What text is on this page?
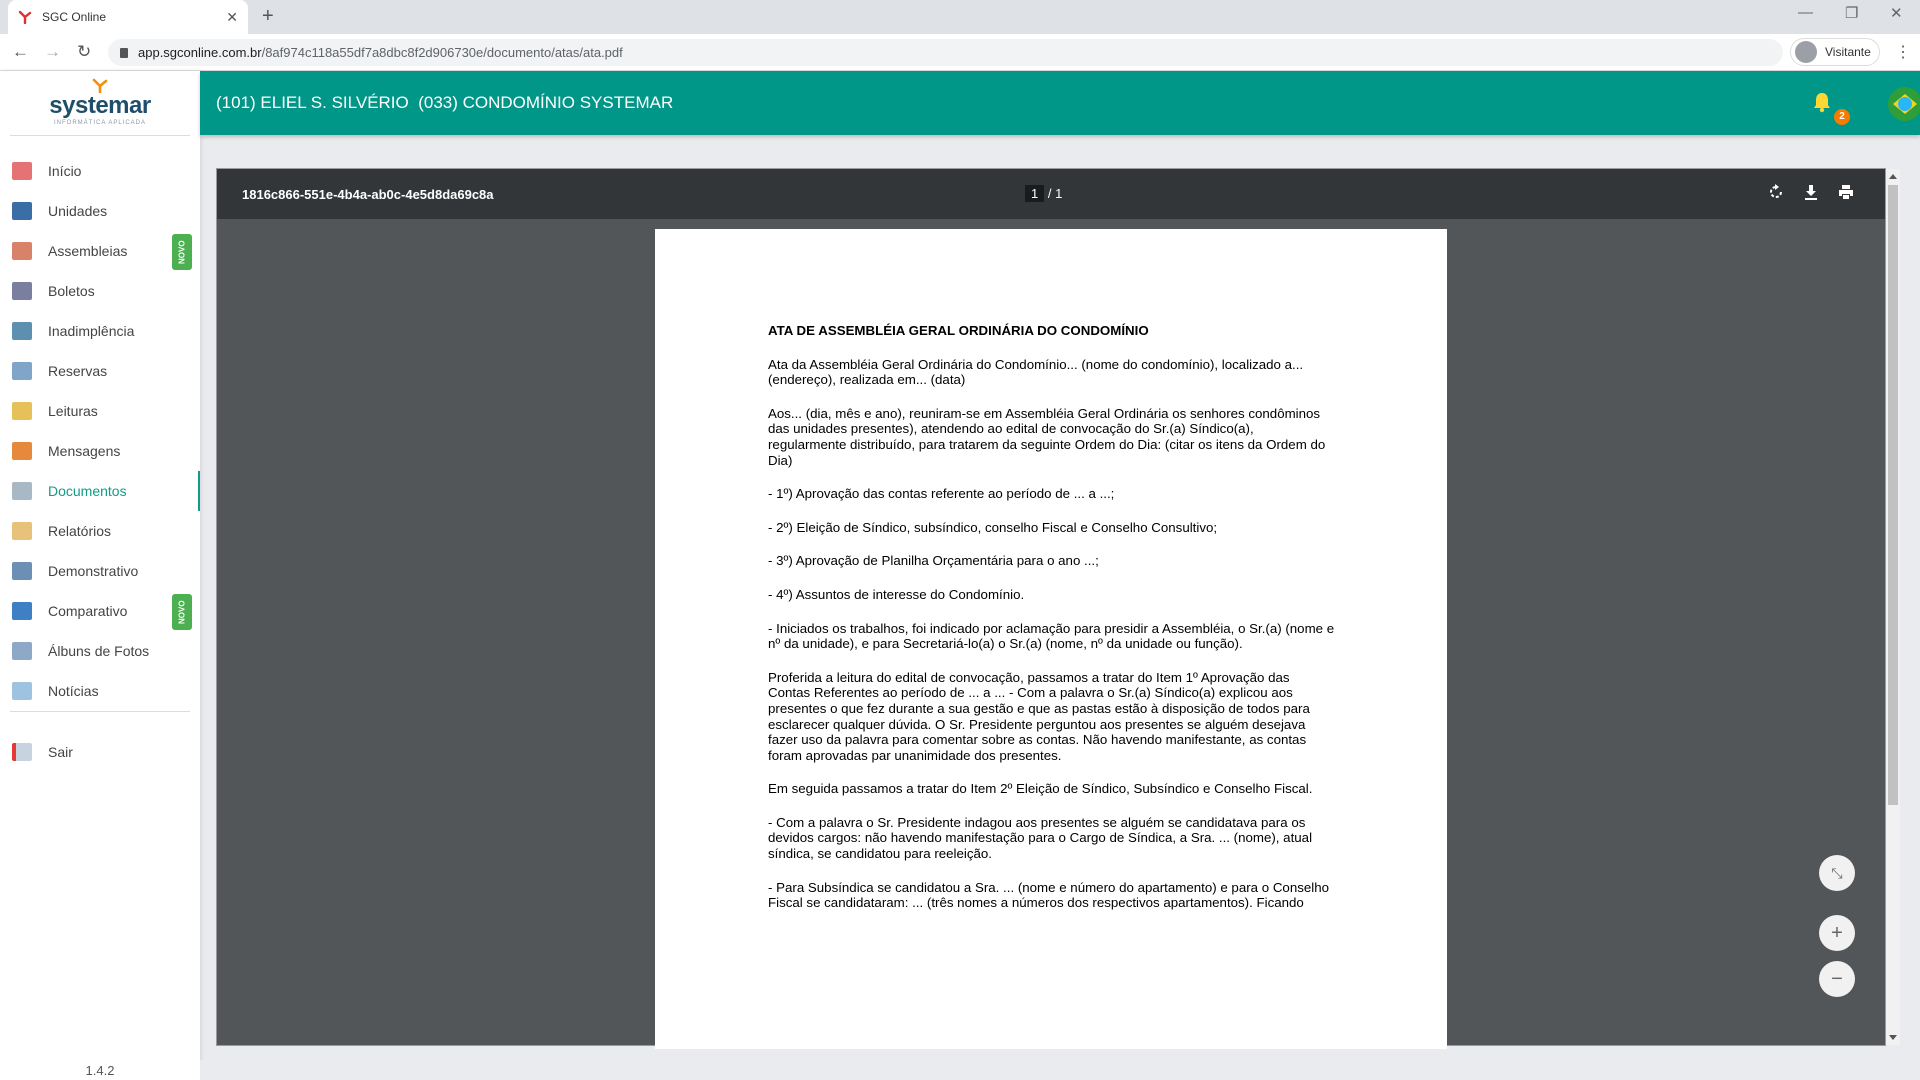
SGC Online	✕ +	— ❐ ✕
← → ↻	app.sgconline.com.br /8af974c118a55df7a8dbc8f2d906730e/documento/atas/ata.pdf	Visitante ⋮
systemar
INFORMÁTICA APLICADA
Início
Unidades
Assembleias	NOVO
Boletos
Inadimplência
Reservas
Leituras
Mensagens
Documentos
Relatórios
Demonstrativo
Comparativo	NOVO
Álbuns de Fotos
Notícias
Sair
1.4.2
(101) ELIEL S. SILVÉRIO  (033) CONDOMÍNIO SYSTEMAR
2
1816c866-551e-4b4a-ab0c-4e5d8da69c8a	1 / 1
ATA DE ASSEMBLÉIA GERAL ORDINÁRIA DO CONDOMÍNIO

Ata da Assembléia Geral Ordinária do Condomínio... (nome do condomínio), localizado a... (endereço), realizada em... (data)

Aos... (dia, mês e ano), reuniram-se em Assembléia Geral Ordinária os senhores condôminos das unidades presentes), atendendo ao edital de convocação do Sr.(a) Síndico(a), regularmente distribuído, para tratarem da seguinte Ordem do Dia: (citar os itens da Ordem do Dia)

- 1º) Aprovação das contas referente ao período de ... a ...;

- 2º) Eleição de Síndico, subsíndico, conselho Fiscal e Conselho Consultivo;

- 3º) Aprovação de Planilha Orçamentária para o ano ...;

- 4º) Assuntos de interesse do Condomínio.

- Iniciados os trabalhos, foi indicado por aclamação para presidir a Assembléia, o Sr.(a) (nome e nº da unidade), e para Secretariá-lo(a) o Sr.(a) (nome, nº da unidade ou função).

Proferida a leitura do edital de convocação, passamos a tratar do Item 1º Aprovação das Contas Referentes ao período de ... a ... - Com a palavra o Sr.(a) Síndico(a) explicou aos presentes o que fez durante a sua gestão e que as pastas estão à disposição de todos para esclarecer qualquer dúvida. O Sr. Presidente perguntou aos presentes se alguém desejava fazer uso da palavra para comentar sobre as contas. Não havendo manifestante, as contas foram aprovadas par unanimidade dos presentes.

Em seguida passamos a tratar do Item 2º Eleição de Síndico, Subsíndico e Conselho Fiscal.

- Com a palavra o Sr. Presidente indagou aos presentes se alguém se candidatava para os devidos cargos: não havendo manifestação para o Cargo de Síndica, a Sra. ... (nome), atual síndica, se candidatou para reeleição.

- Para Subsíndica se candidatou a Sra. ... (nome e número do apartamento) e para o Conselho Fiscal se candidataram: ... (três nomes a números dos respectivos apartamentos). Ficando

⤡
+
−
